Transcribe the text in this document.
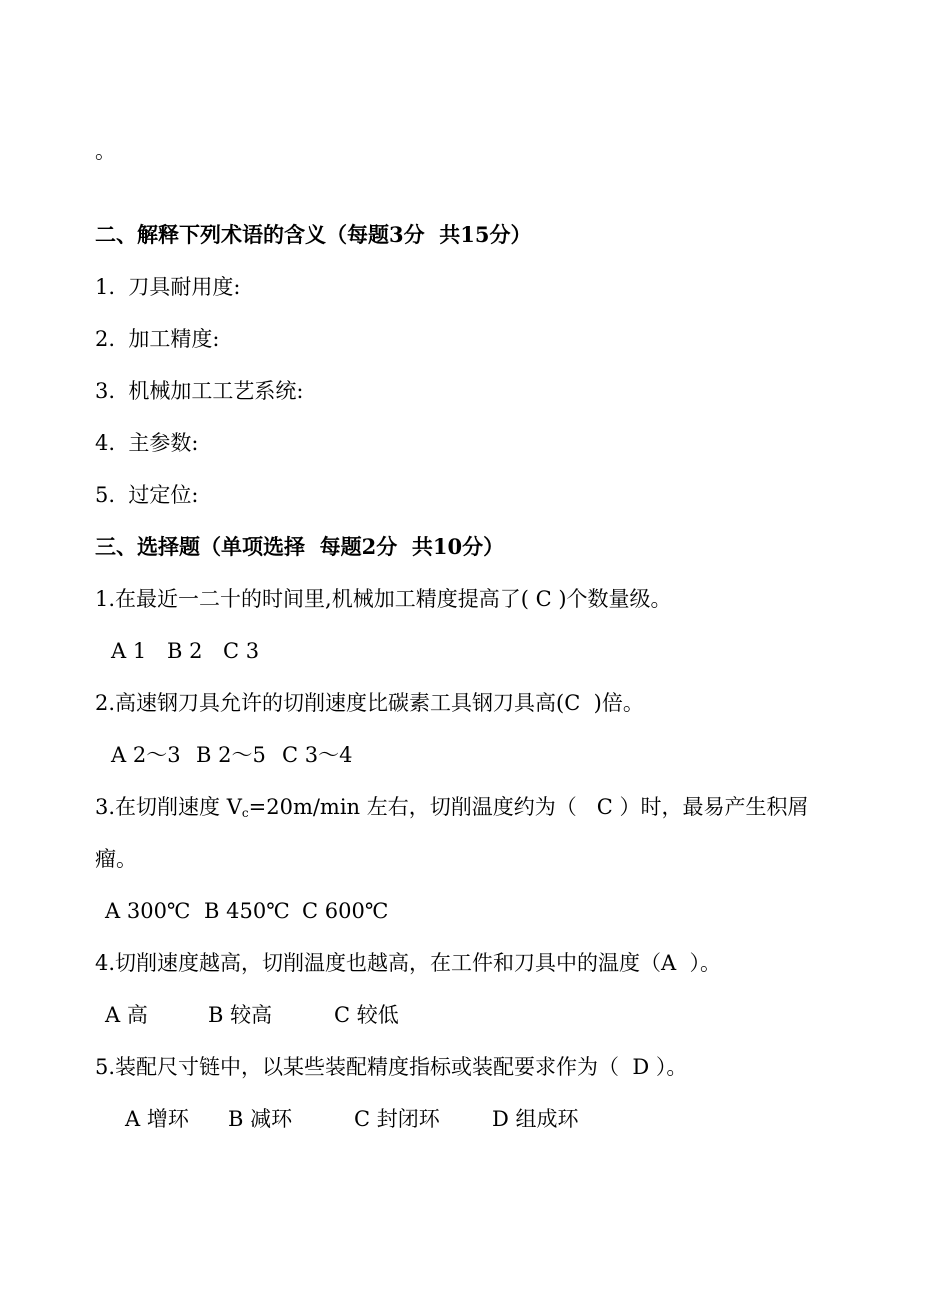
。
二、解释下列术语的含义（每题3分  共15分）
1.  刀具耐用度:
2.  加工精度:
3.  机械加工工艺系统:
4.  主参数:
5.  过定位:
三、选择题（单项选择  每题2分  共10分）
1.在最近一二十的时间里,机械加工精度提高了( C )个数量级。
A 1 B 2 C 3
2.高速钢刀具允许的切削速度比碳素工具钢刀具高(C  )倍。
A 2～3 B 2～5 C 3～4
3.在切削速度 $V_c=20m/\min$ 左右，切削温度约为（   C ）时，最易产生积屑
瘤。
A 300℃ B 450℃ C 600℃
4.切削速度越高，切削温度也越高，在工件和刀具中的温度（A  ）。
A 高	B 较高	C 较低
5.装配尺寸链中，以某些装配精度指标或装配要求作为（  D ）。
A 增环 B 减环	C 封闭环 D 组成环
